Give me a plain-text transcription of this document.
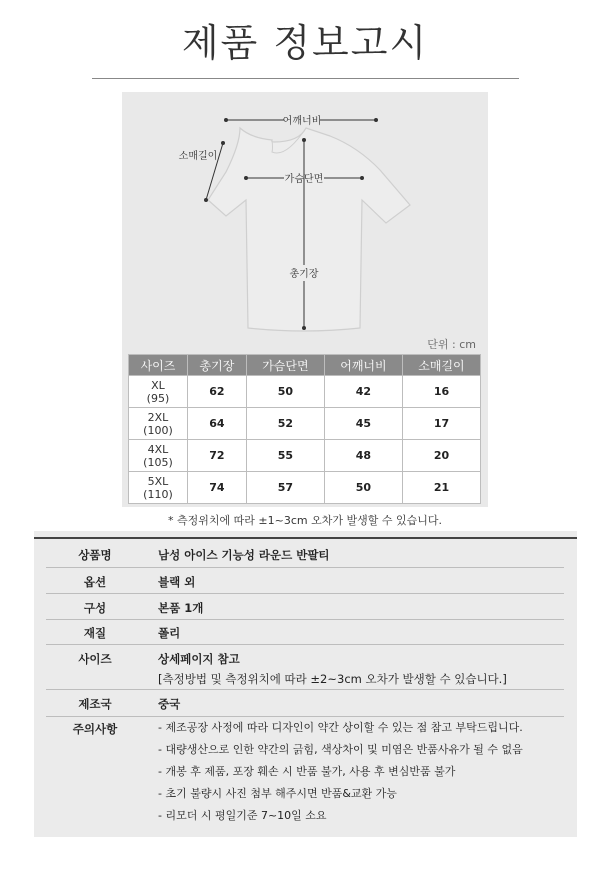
제품 정보고시
어깨너비
소매길이
가슴단면
총기장
단위 : cm
사이즈	총기장	가슴단면	어깨너비	소매길이

XL
(95)	62	50	42	16

2XL
(100)	64	52	45	17

4XL
(105)	72	55	48	20

5XL
(110)	74	57	50	21
* 측정위치에 따라 ±1~3cm 오차가 발생할 수 있습니다.
상품명	남성 아이스 기능성 라운드 반팔티
옵션	블랙 외
구성	본품 1개
재질	폴리
사이즈	상세페이지 참고
[측정방법 및 측정위치에 따라 ±2~3cm 오차가 발생할 수 있습니다.]
제조국	중국
주의사항	- 제조공장 사정에 따라 디자인이 약간 상이할 수 있는 점 참고 부탁드립니다.
- 대량생산으로 인한 약간의 긁힘, 색상차이 및 미염은 반품사유가 될 수 없음
- 개봉 후 제품, 포장 훼손 시 반품 불가, 사용 후 변심반품 불가
- 초기 불량시 사진 첨부 해주시면 반품&교환 가능
- 리모더 시 평일기준 7~10일 소요
